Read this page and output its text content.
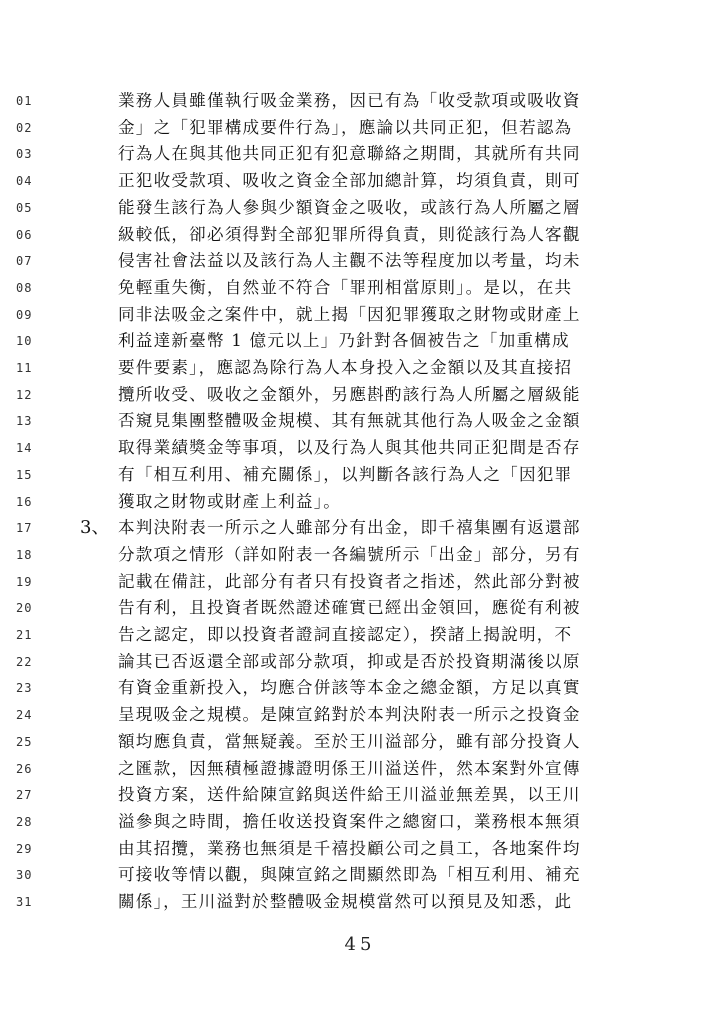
01	業務人員雖僅執行吸金業務，因已有為「收受款項或吸收資
02	金」之「犯罪構成要件行為」，應論以共同正犯，但若認為
03	行為人在與其他共同正犯有犯意聯絡之期間，其就所有共同
04	正犯收受款項、吸收之資金全部加總計算，均須負責，則可
05	能發生該行為人參與少額資金之吸收，或該行為人所屬之層
06	級較低，卻必須得對全部犯罪所得負責，則從該行為人客觀
07	侵害社會法益以及該行為人主觀不法等程度加以考量，均未
08	免輕重失衡，自然並不符合「罪刑相當原則」。是以，在共
09	同非法吸金之案件中，就上揭「因犯罪獲取之財物或財產上
10	利益達新臺幣 1 億元以上」乃針對各個被告之「加重構成
11	要件要素」，應認為除行為人本身投入之金額以及其直接招
12	攬所收受、吸收之金額外，另應斟酌該行為人所屬之層級能
13	否窺見集團整體吸金規模、其有無就其他行為人吸金之金額
14	取得業績獎金等事項，以及行為人與其他共同正犯間是否存
15	有「相互利用、補充關係」，以判斷各該行為人之「因犯罪
16	獲取之財物或財產上利益」。
17	3、 本判決附表一所示之人雖部分有出金，即千禧集團有返還部
18	分款項之情形（詳如附表一各編號所示「出金」部分，另有
19	記載在備註，此部分有者只有投資者之指述，然此部分對被
20	告有利，且投資者既然證述確實已經出金領回，應從有利被
21	告之認定，即以投資者證詞直接認定），揆諸上揭說明，不
22	論其已否返還全部或部分款項，抑或是否於投資期滿後以原
23	有資金重新投入，均應合併該等本金之總金額，方足以真實
24	呈現吸金之規模。是陳宣銘對於本判決附表一所示之投資金
25	額均應負責，當無疑義。至於王川溢部分，雖有部分投資人
26	之匯款，因無積極證據證明係王川溢送件，然本案對外宣傳
27	投資方案，送件給陳宣銘與送件給王川溢並無差異，以王川
28	溢參與之時間，擔任收送投資案件之總窗口，業務根本無須
29	由其招攬，業務也無須是千禧投顧公司之員工，各地案件均
30	可接收等情以觀，與陳宣銘之間顯然即為「相互利用、補充
31	關係」，王川溢對於整體吸金規模當然可以預見及知悉，此
45
